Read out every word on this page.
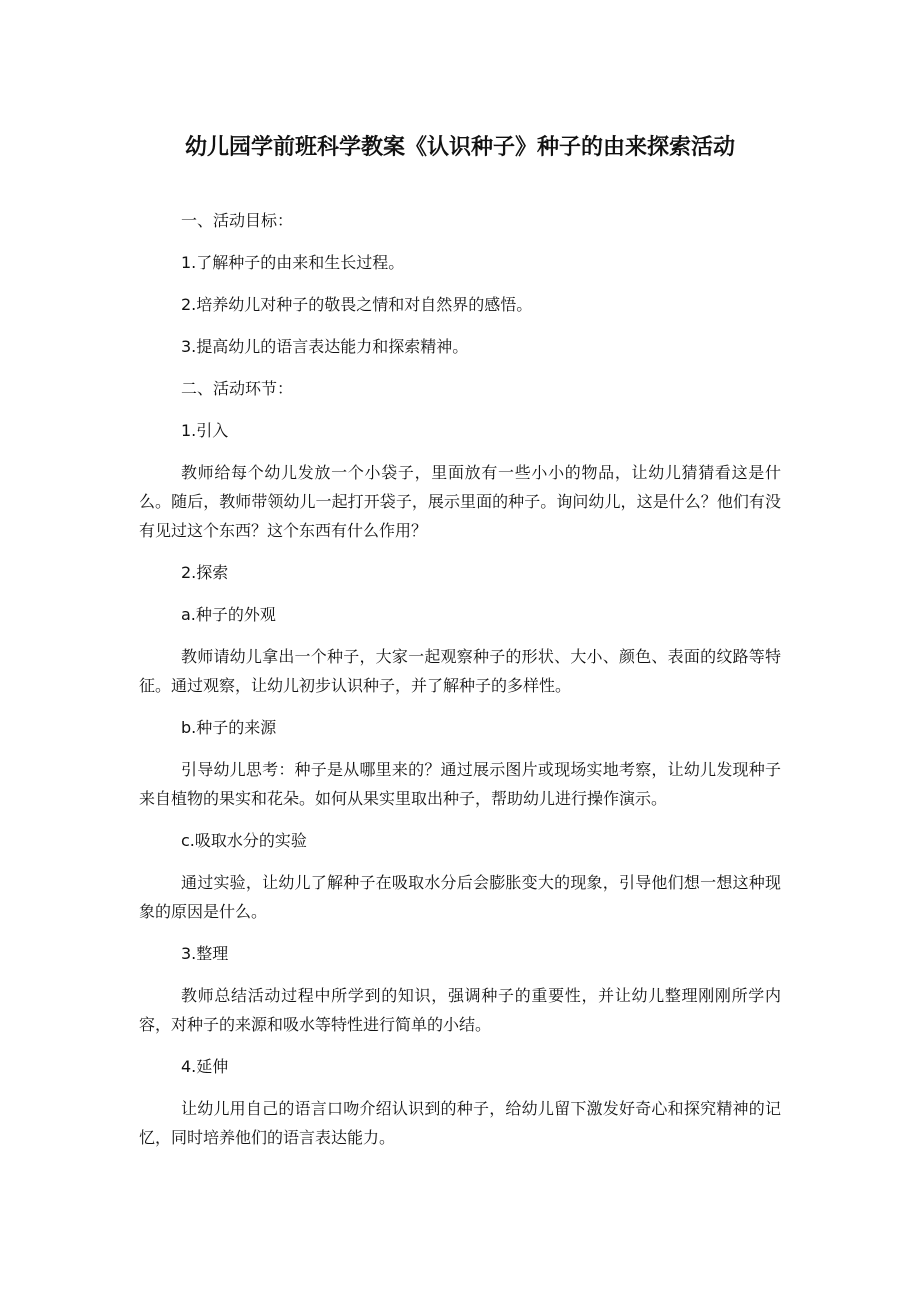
幼儿园学前班科学教案《认识种子》种子的由来探索活动

一、活动目标：

1.了解种子的由来和生长过程。

2.培养幼儿对种子的敬畏之情和对自然界的感悟。

3.提高幼儿的语言表达能力和探索精神。

二、活动环节：

1.引入

教师给每个幼儿发放一个小袋子，里面放有一些小小的物品，让幼儿猜猜看这是什么。随后，教师带领幼儿一起打开袋子，展示里面的种子。询问幼儿，这是什么？他们有没有见过这个东西？这个东西有什么作用？

2.探索

a.种子的外观

教师请幼儿拿出一个种子，大家一起观察种子的形状、大小、颜色、表面的纹路等特征。通过观察，让幼儿初步认识种子，并了解种子的多样性。

b.种子的来源

引导幼儿思考：种子是从哪里来的？通过展示图片或现场实地考察，让幼儿发现种子来自植物的果实和花朵。如何从果实里取出种子，帮助幼儿进行操作演示。

c.吸取水分的实验

通过实验，让幼儿了解种子在吸取水分后会膨胀变大的现象，引导他们想一想这种现象的原因是什么。

3.整理

教师总结活动过程中所学到的知识，强调种子的重要性，并让幼儿整理刚刚所学内容，对种子的来源和吸水等特性进行简单的小结。

4.延伸

让幼儿用自己的语言口吻介绍认识到的种子，给幼儿留下激发好奇心和探究精神的记忆，同时培养他们的语言表达能力。
